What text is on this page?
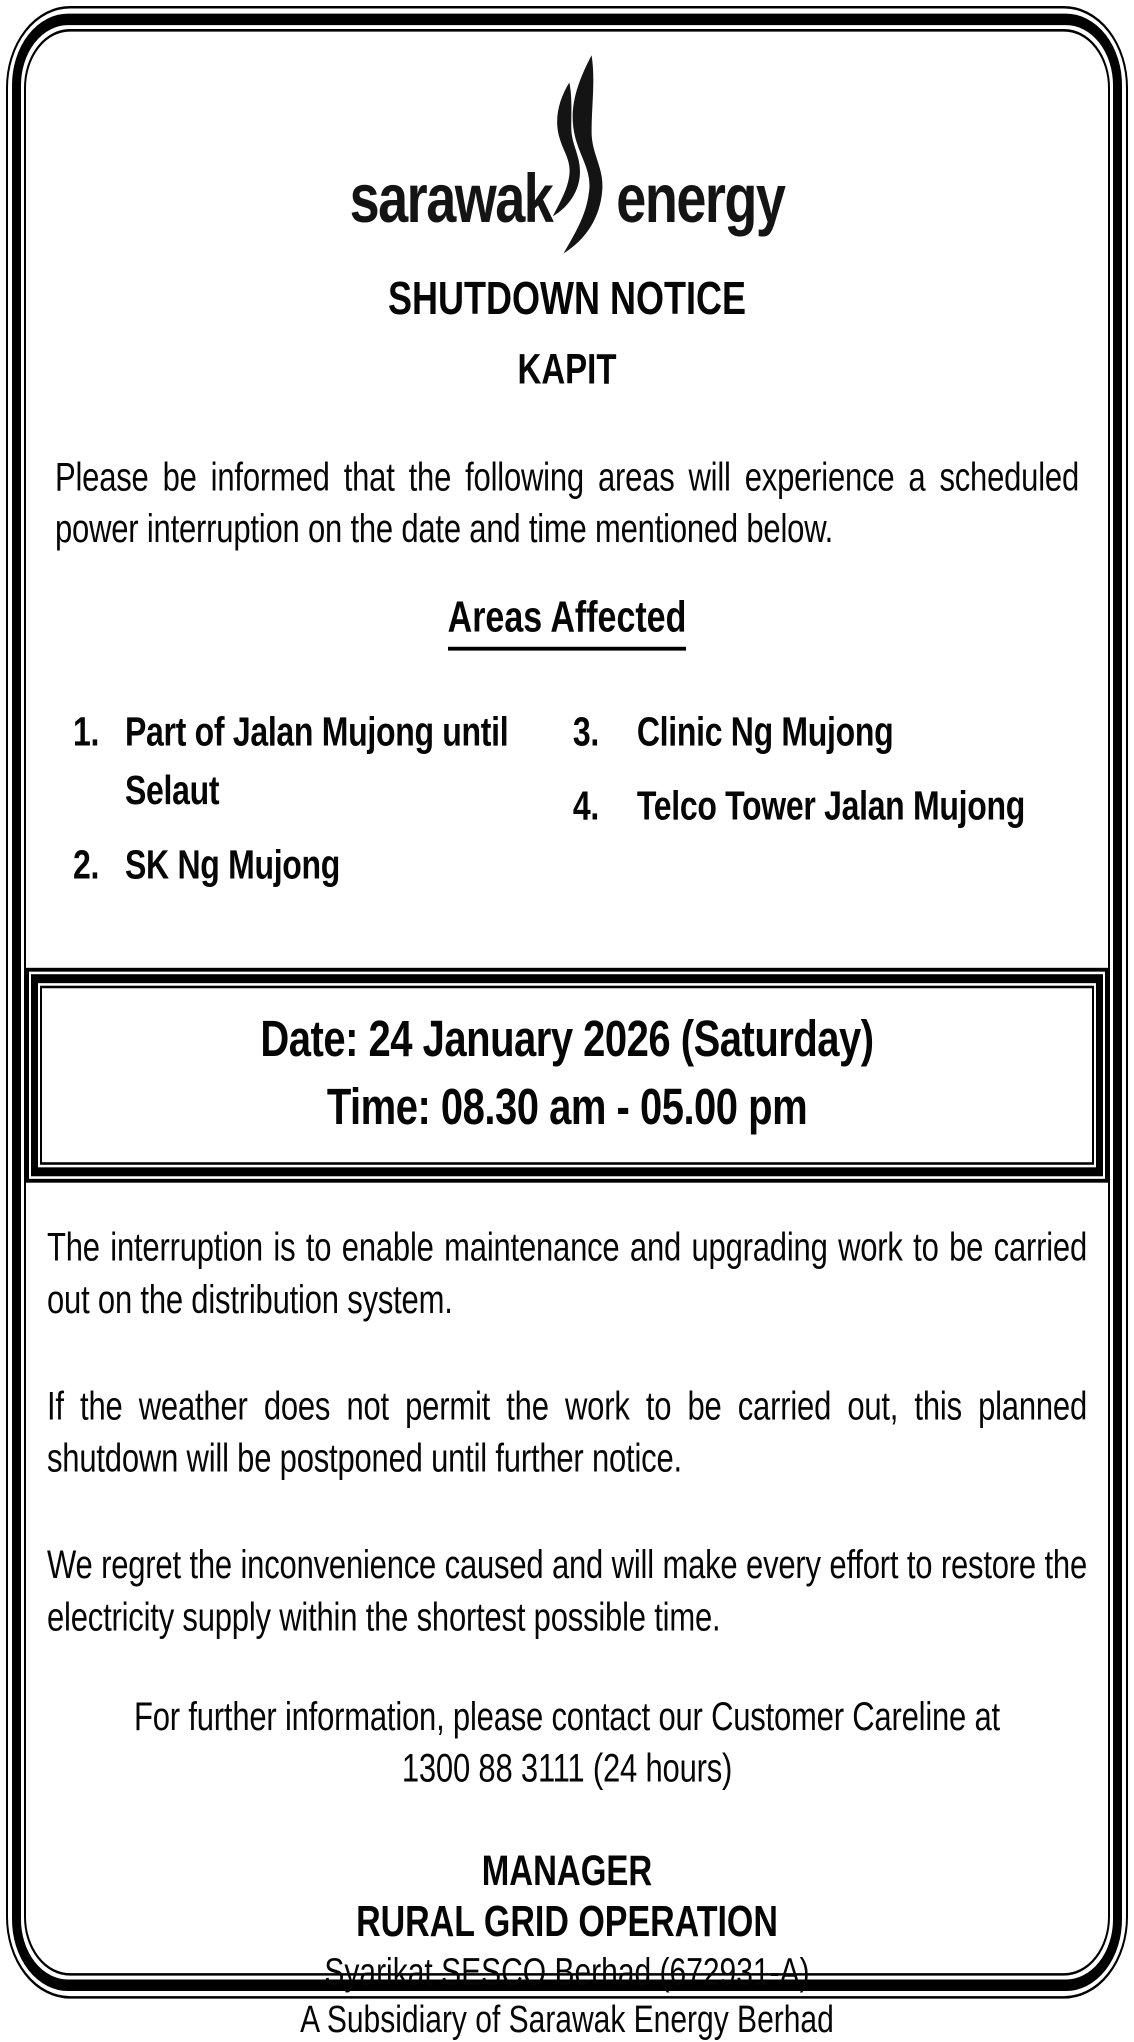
sarawak energy
SHUTDOWN NOTICE
KAPIT

Please be informed that the following areas will experience a scheduled power interruption on the date and time mentioned below.

Areas Affected
1. Part of Jalan Mujong until Selaut
2. SK Ng Mujong
3.	Clinic Ng Mujong
4.	Telco Tower Jalan Mujong
Date: 24 January 2026 (Saturday)
Time: 08.30 am - 05.00 pm

The interruption is to enable maintenance and upgrading work to be carried out on the distribution system.

If the weather does not permit the work to be carried out, this planned shutdown will be postponed until further notice.

We regret the inconvenience caused and will make every effort to restore the electricity supply within the shortest possible time.

For further information, please contact our Customer Careline at
1300 88 3111 (24 hours)
MANAGER
RURAL GRID OPERATION
Syarikat SESCO Berhad (672931-A)
A Subsidiary of Sarawak Energy Berhad
